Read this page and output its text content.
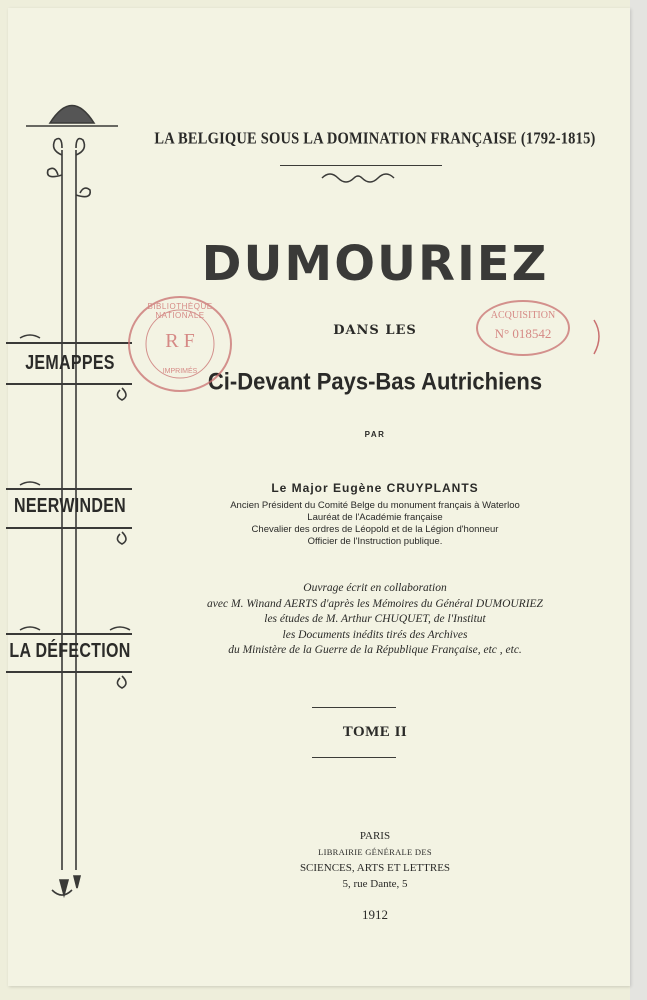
JEMAPPES
NEERWINDEN
LA DÉFECTION
LA BELGIQUE SOUS LA DOMINATION FRANÇAISE (1792-1815)
DUMOURIEZ
DANS LES
Ci-Devant Pays-Bas Autrichiens
PAR
Le Major Eugène CRUYPLANTS
Ancien Président du Comité Belge du monument français à Waterloo
Lauréat de l'Académie française
Chevalier des ordres de Léopold et de la Légion d'honneur
Officier de l'Instruction publique.
Ouvrage écrit en collaboration
avec M. Winand AERTS d'après les Mémoires du Général DUMOURIEZ
les études de M. Arthur CHUQUET, de l'Institut
les Documents inédits tirés des Archives
du Ministère de la Guerre de la République Française, etc , etc.
TOME II
PARIS
LIBRAIRIE GÉNÉRALE DES
SCIENCES, ARTS ET LETTRES
5, rue Dante, 5
1912
BIBLIOTHÈQUE NATIONALE
R F
IMPRIMÉS
ACQUISITION
N° 018542
